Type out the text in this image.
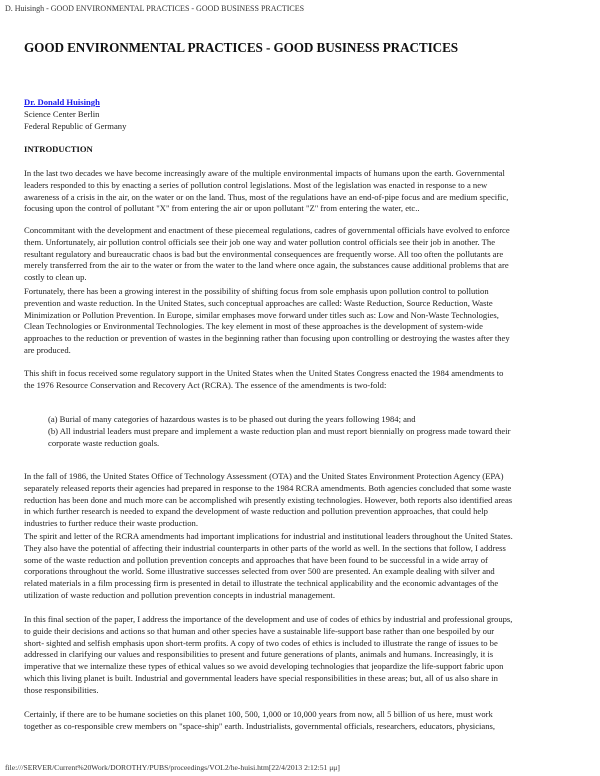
D. Huisingh - GOOD ENVIRONMENTAL PRACTICES - GOOD BUSINESS PRACTICES
GOOD ENVIRONMENTAL PRACTICES - GOOD BUSINESS PRACTICES
Dr. Donald Huisingh
Science Center Berlin
Federal Republic of Germany
INTRODUCTION
In the last two decades we have become increasingly aware of the multiple environmental impacts of humans upon the earth. Governmental
leaders responded to this by enacting a series of pollution control legislations. Most of the legislation was enacted in response to a new
awareness of a crisis in the air, on the water or on the land. Thus, most of the regulations have an end-of-pipe focus and are medium specific,
focusing upon the control of pollutant "X" from entering the air or upon pollutant "Z" from entering the water, etc..
Concommitant with the development and enactment of these piecemeal regulations, cadres of governmental officials have evolved to enforce
them. Unfortunately, air pollution control officials see their job one way and water pollution control officials see their job in another. The
resultant regulatory and bureaucratic chaos is bad but the environmental consequences are frequently worse. All too often the pollutants are
merely transferred from the air to the water or from the water to the land where once again, the substances cause additional problems that are
costly to clean up.
Fortunately, there has been a growing interest in the possibility of shifting focus from sole emphasis upon pollution control to pollution
prevention and waste reduction. In the United States, such conceptual approaches are called: Waste Reduction, Source Reduction, Waste
Minimization or Pollution Prevention. In Europe, similar emphases move forward under titles such as: Low and Non-Waste Technologies,
Clean Technologies or Environmental Technologies. The key element in most of these approaches is the development of system-wide
approaches to the reduction or prevention of wastes in the beginning rather than focusing upon controlling or destroying the wastes after they
are produced.
This shift in focus received some regulatory support in the United States when the United States Congress enacted the 1984 amendments to
the 1976 Resource Conservation and Recovery Act (RCRA). The essence of the amendments is two-fold:
(a) Burial of many categories of hazardous wastes is to be phased out during the years following 1984; and
(b) All industrial leaders must prepare and implement a waste reduction plan and must report biennially on progress made toward their
corporate waste reduction goals.
In the fall of 1986, the United States Office of Technology Assessment (OTA) and the United States Environment Protection Agency (EPA)
separately released reports their agencies had prepared in response to the 1984 RCRA amendments. Both agencies concluded that some waste
reduction has been done and much more can be accomplished wih presently existing technologies. However, both reports also identified areas
in which further research is needed to expand the development of waste reduction and pollution prevention approaches, that could help
industries to further reduce their waste production.
The spirit and letter of the RCRA amendments had important implications for industrial and institutional leaders throughout the United States.
They also have the potential of affecting their industrial counterparts in other parts of the world as well. In the sections that follow, I address
some of the waste reduction and pollution prevention concepts and approaches that have been found to be successful in a wide array of
corporations throughout the world. Some illustrative successes selected from over 500 are presented. An example dealing with silver and
related materials in a film processing firm is presented in detail to illustrate the technical applicability and the economic advantages of the
utilization of waste reduction and pollution prevention concepts in industrial management.
In this final section of the paper, I address the importance of the development and use of codes of ethics by industrial and professional groups,
to guide their decisions and actions so that human and other species have a sustainable life-support base rather than one bespoiled by our
short- sighted and selfish emphasis upon short-term profits. A copy of two codes of ethics is included to illustrate the range of issues to be
addressed in clarifying our values and responsibilities to present and future generations of plants, animals and humans. Increasingly, it is
imperative that we internalize these types of ethical values so we avoid developing technologies that jeopardize the life-support fabric upon
which this living planet is built. Industrial and governmental leaders have special responsibilities in these areas; but, all of us also share in
those responsibilities.
Certainly, if there are to be humane societies on this planet 100, 500, 1,000 or 10,000 years from now, all 5 billion of us here, must work
together as co-responsible crew members on "space-ship" earth. Industrialists, governmental officials, researchers, educators, physicians,
file:///SERVER/Current%20Work/DOROTHY/PUBS/proceedings/VOL2/he-huisi.htm[22/4/2013 2:12:51 μμ]
